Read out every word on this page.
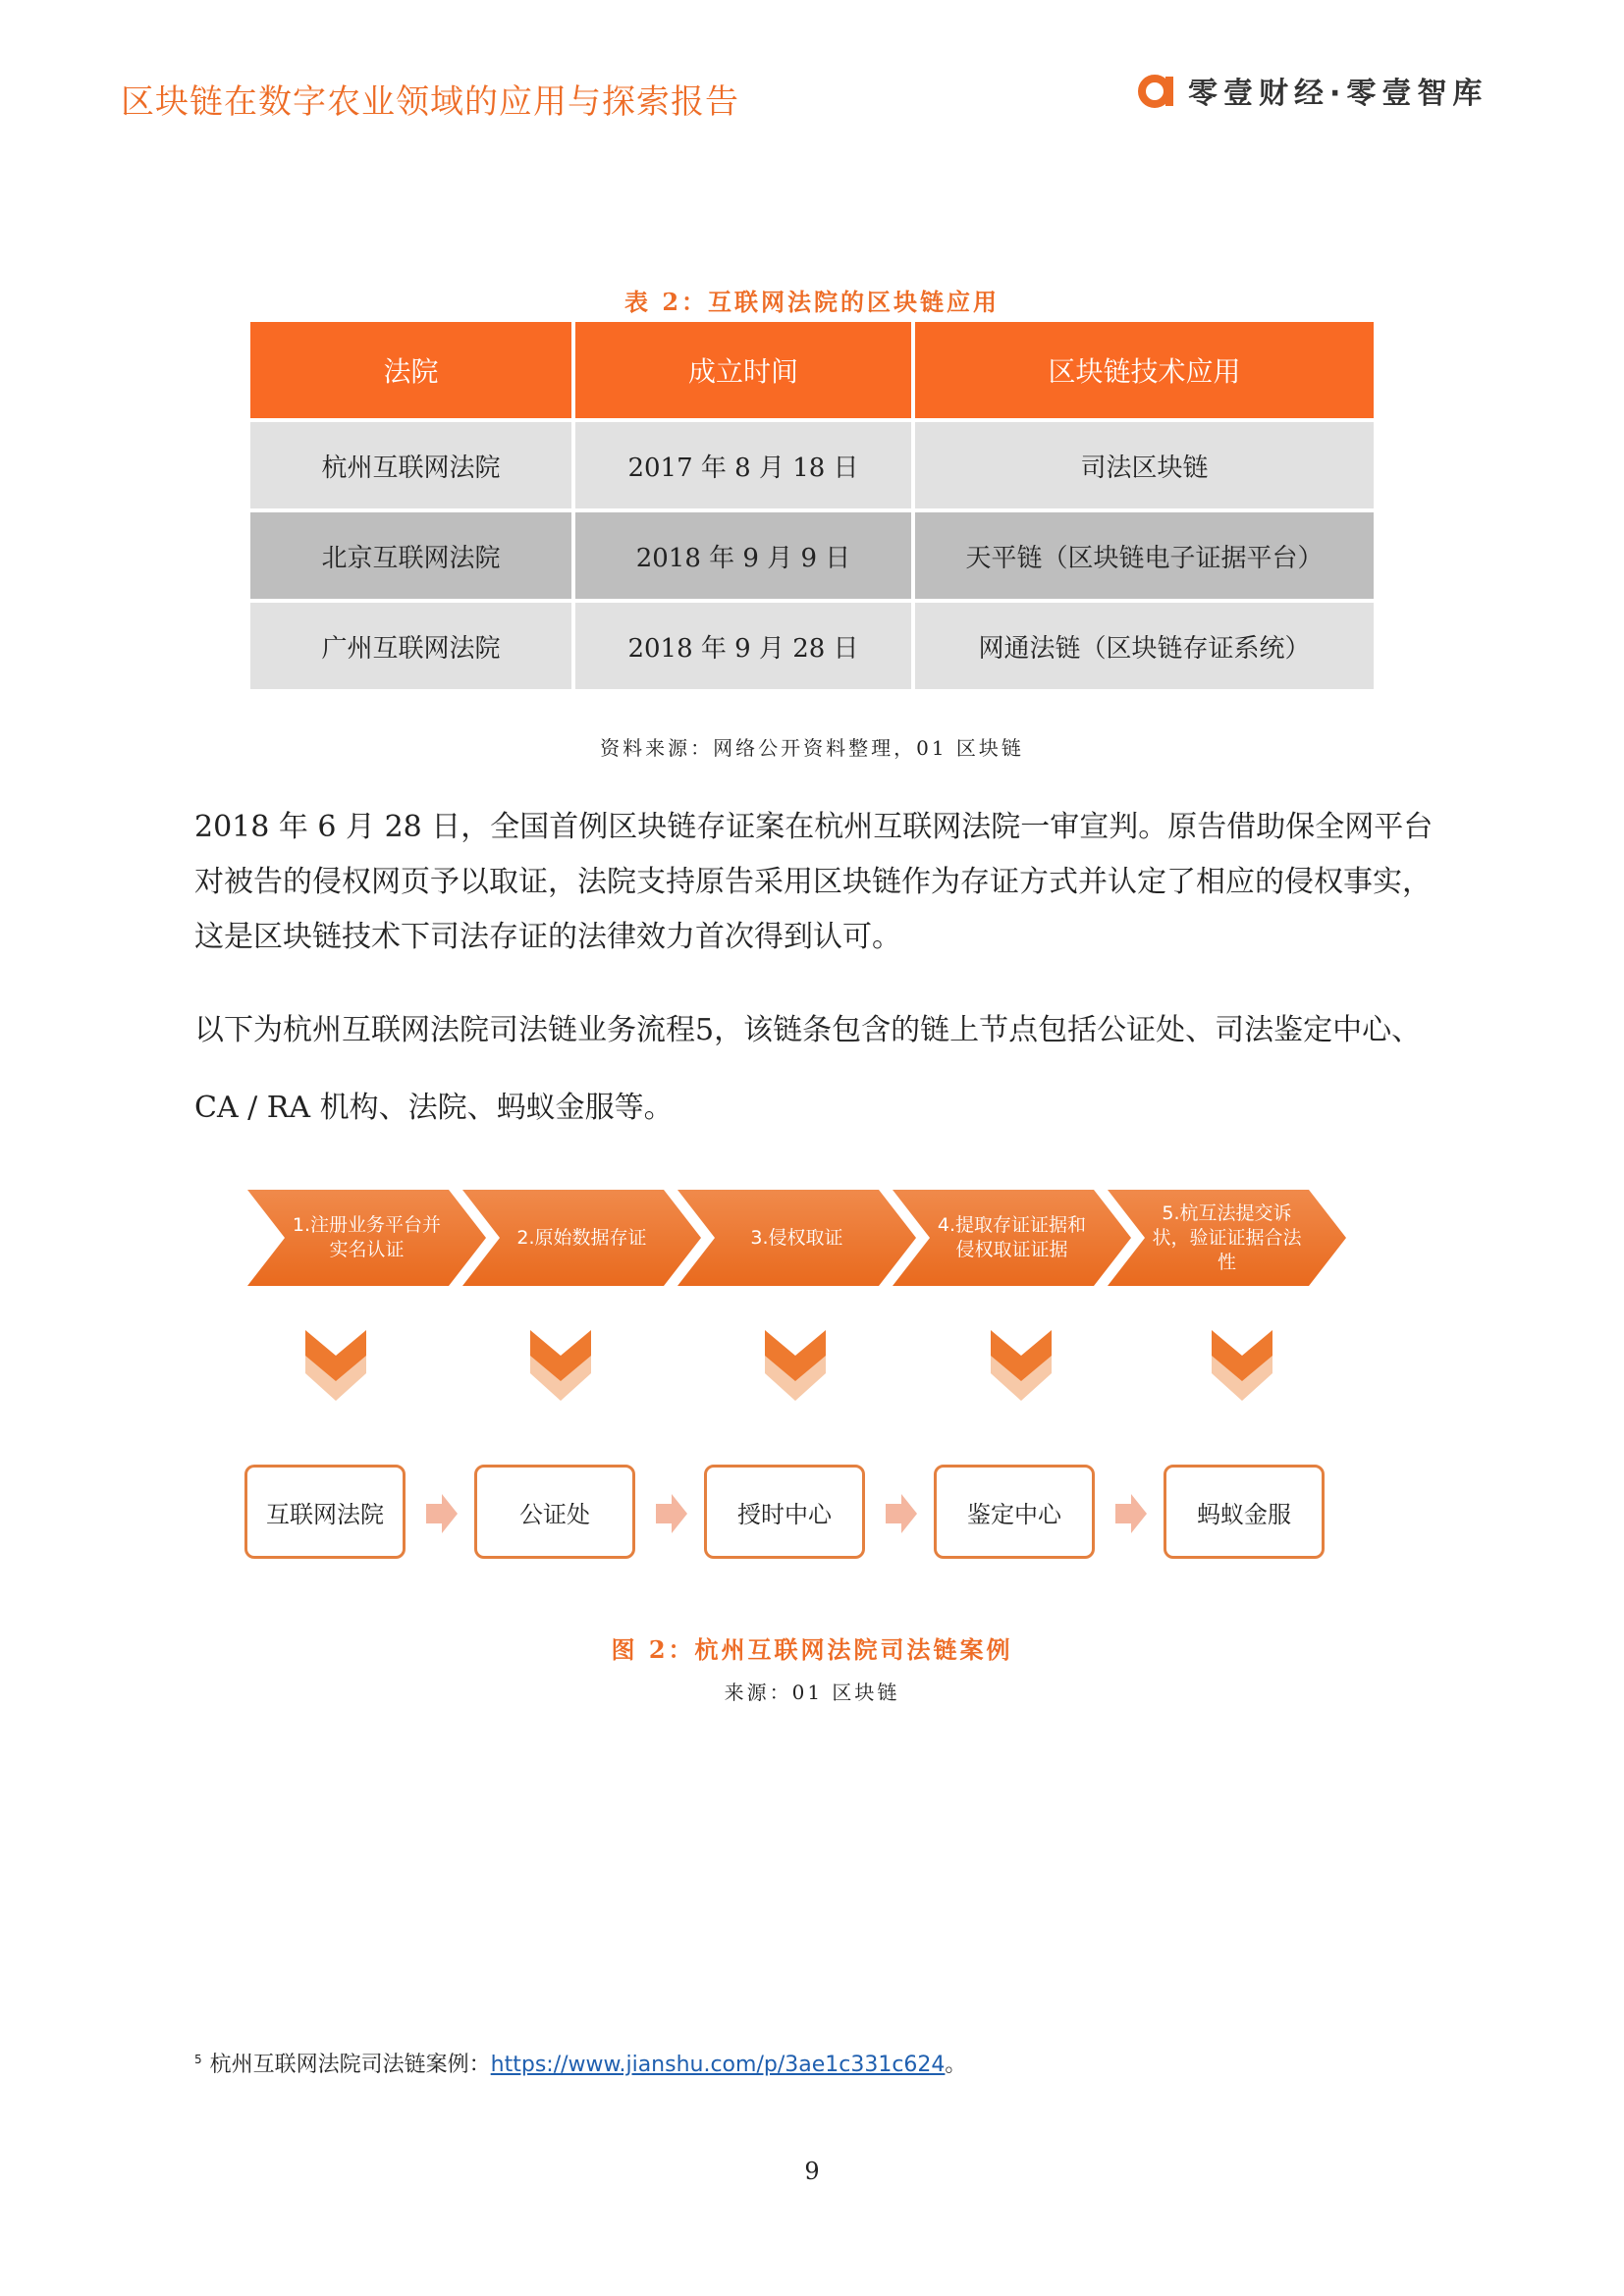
区块链在数字农业领域的应用与探索报告	零壹财经·零壹智库
表 2：互联网法院的区块链应用
法院	成立时间	区块链技术应用
杭州互联网法院	2017 年 8 月 18 日	司法区块链
北京互联网法院	2018 年 9 月 9 日	天平链（区块链电子证据平台）
广州互联网法院	2018 年 9 月 28 日	网通法链（区块链存证系统）
资料来源：网络公开资料整理，01 区块链
2018 年 6 月 28 日，全国首例区块链存证案在杭州互联网法院一审宣判。原告借助保全网平台对被告的侵权网页予以取证，法院支持原告采用区块链作为存证方式并认定了相应的侵权事实，这是区块链技术下司法存证的法律效力首次得到认可。
以下为杭州互联网法院司法链业务流程5，该链条包含的链上节点包括公证处、司法鉴定中心、CA / RA 机构、法院、蚂蚁金服等。
1.注册业务平台并实名认证
2.原始数据存证	3.侵权取证
4.提取存证证据和侵权取证证据
5.杭互法提交诉状，验证证据合法性
互联网法院	公证处	授时中心	鉴定中心	蚂蚁金服
图 2：杭州互联网法院司法链案例
来源：01 区块链
$^5$ 杭州互联网法院司法链案例：https://www.jianshu.com/p/3ae1c331c624。
9
